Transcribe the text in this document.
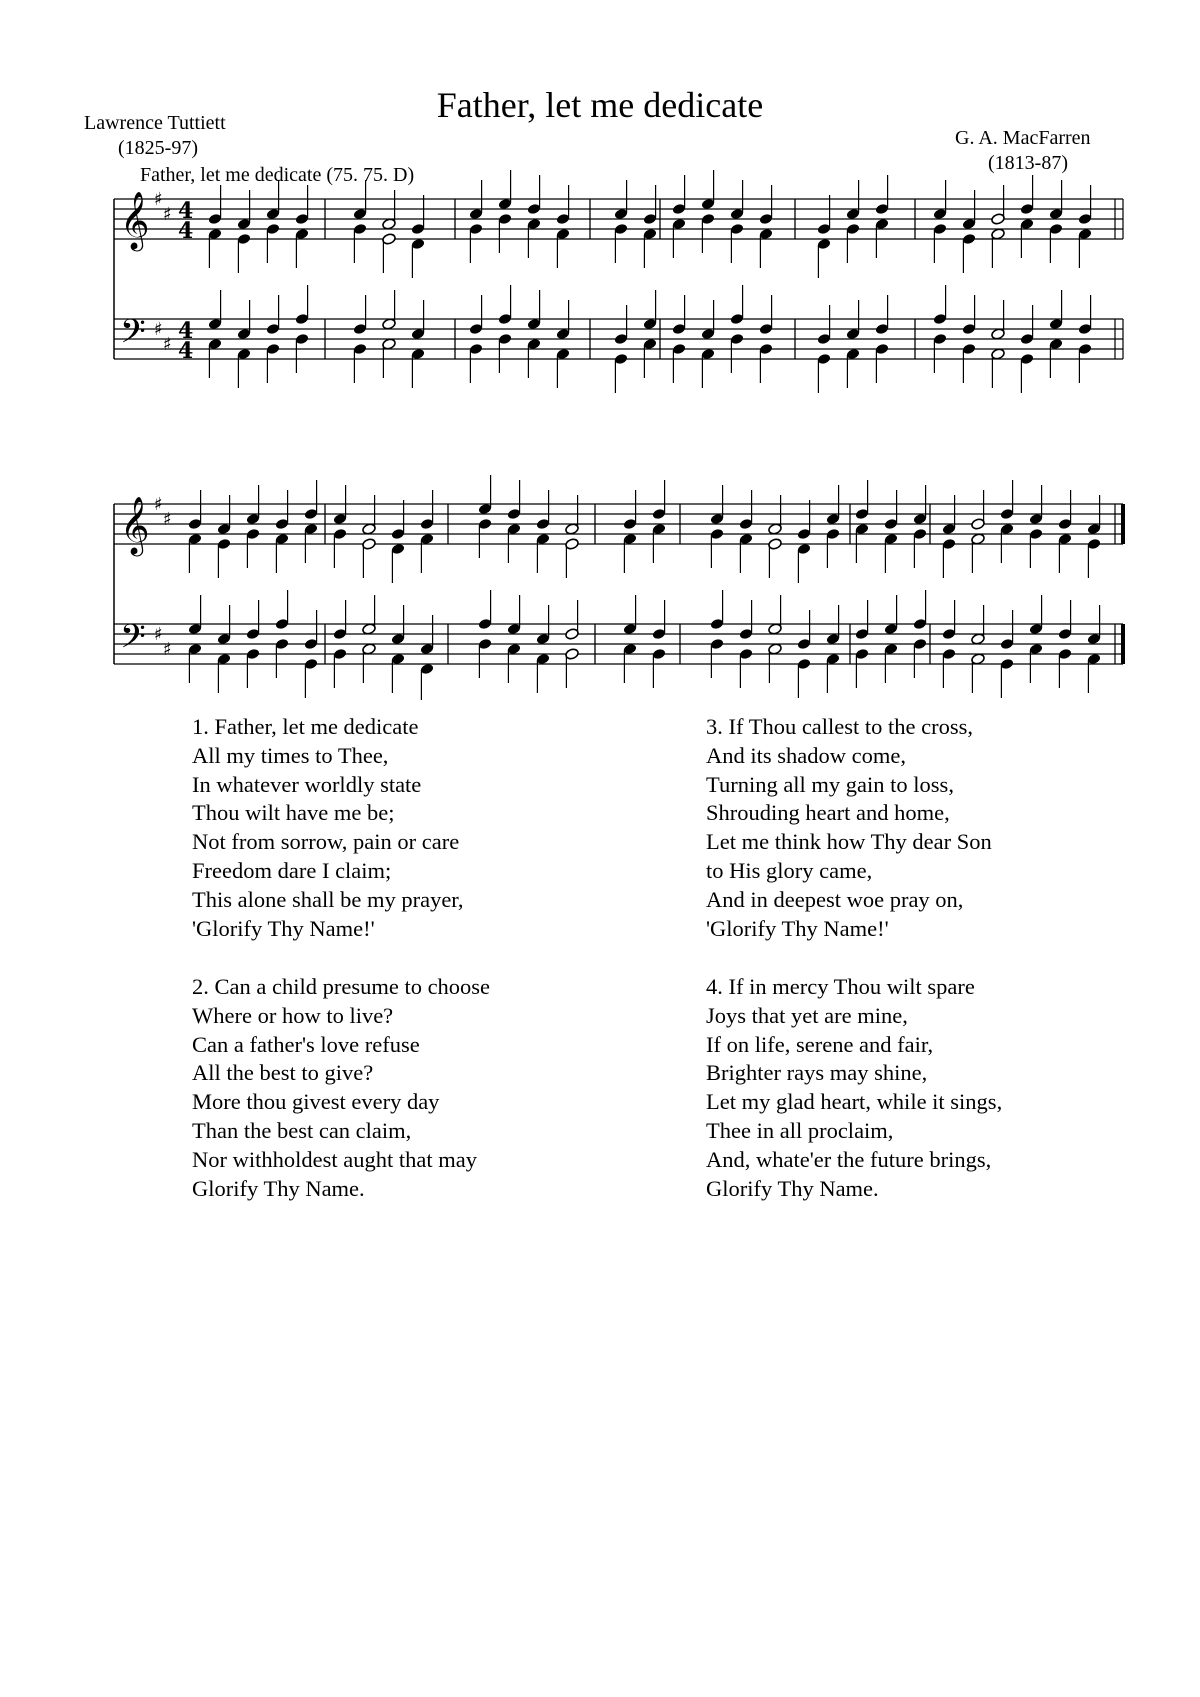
Father, let me dedicate
Lawrence Tuttiett
(1825-97)	G. A. MacFarren
(1813-87)
Father, let me dedicate (75. 75. D)
𝄞
𝄢
♯
♯
♯
♯
4
4
4
4
𝄞
𝄢
♯
♯
♯
♯
1. Father, let me dedicate
All my times to Thee,
In whatever worldly state
Thou wilt have me be;
Not from sorrow, pain or care
Freedom dare I claim;
This alone shall be my prayer,
'Glorify Thy Name!'
2. Can a child presume to choose
Where or how to live?
Can a father's love refuse
All the best to give?
More thou givest every day
Than the best can claim,
Nor withholdest aught that may
Glorify Thy Name.
3. If Thou callest to the cross,
And its shadow come,
Turning all my gain to loss,
Shrouding heart and home,
Let me think how Thy dear Son
to His glory came,
And in deepest woe pray on,
'Glorify Thy Name!'
4. If in mercy Thou wilt spare
Joys that yet are mine,
If on life, serene and fair,
Brighter rays may shine,
Let my glad heart, while it sings,
Thee in all proclaim,
And, whate'er the future brings,
Glorify Thy Name.
